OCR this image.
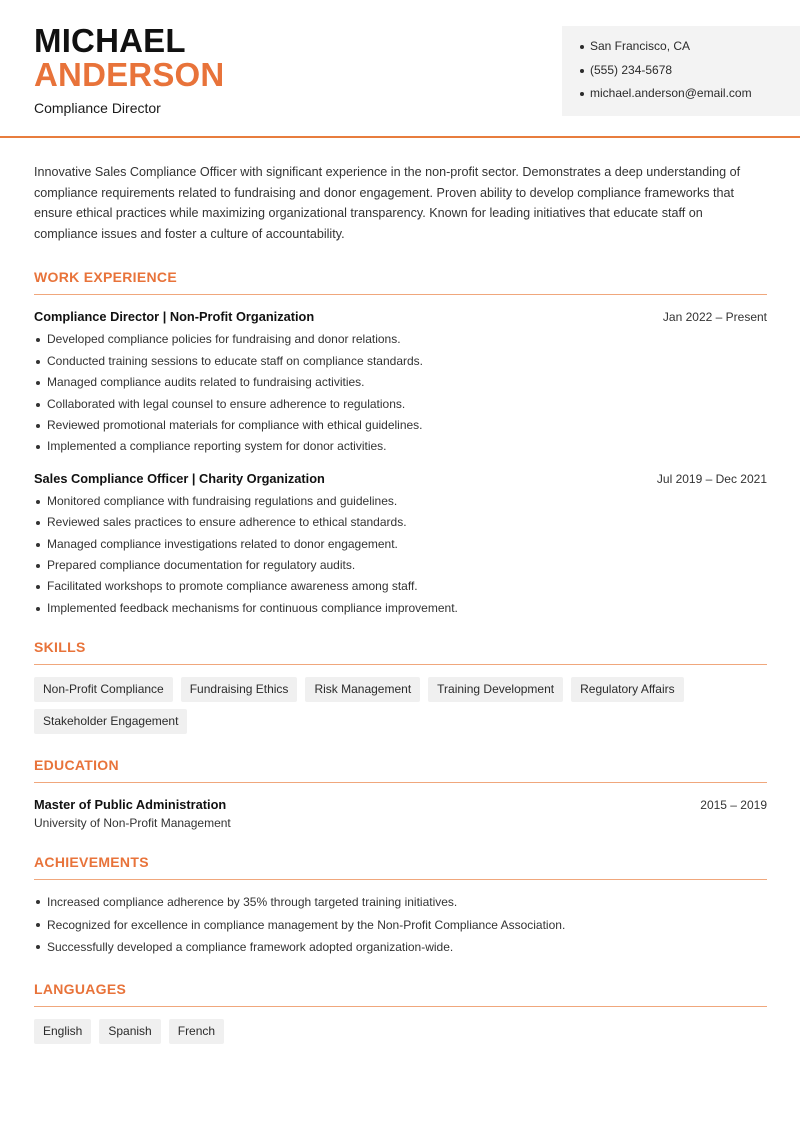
MICHAEL
ANDERSON
Compliance Director
San Francisco, CA
(555) 234-5678
michael.anderson@email.com

Innovative Sales Compliance Officer with significant experience in the non-profit sector. Demonstrates a deep understanding of compliance requirements related to fundraising and donor engagement. Proven ability to develop compliance frameworks that ensure ethical practices while maximizing organizational transparency. Known for leading initiatives that educate staff on compliance issues and foster a culture of accountability.

WORK EXPERIENCE
Compliance Director | Non-Profit Organization	Jan 2022 – Present
Developed compliance policies for fundraising and donor relations.
Conducted training sessions to educate staff on compliance standards.
Managed compliance audits related to fundraising activities.
Collaborated with legal counsel to ensure adherence to regulations.
Reviewed promotional materials for compliance with ethical guidelines.
Implemented a compliance reporting system for donor activities.
Sales Compliance Officer | Charity Organization	Jul 2019 – Dec 2021
Monitored compliance with fundraising regulations and guidelines.
Reviewed sales practices to ensure adherence to ethical standards.
Managed compliance investigations related to donor engagement.
Prepared compliance documentation for regulatory audits.
Facilitated workshops to promote compliance awareness among staff.
Implemented feedback mechanisms for continuous compliance improvement.
SKILLS
Non-Profit Compliance	Fundraising Ethics	Risk Management	Training Development	Regulatory Affairs
Stakeholder Engagement
EDUCATION
Master of Public Administration	2015 – 2019
University of Non-Profit Management
ACHIEVEMENTS
Increased compliance adherence by 35% through targeted training initiatives.
Recognized for excellence in compliance management by the Non-Profit Compliance Association.
Successfully developed a compliance framework adopted organization-wide.
LANGUAGES
English	Spanish	French
